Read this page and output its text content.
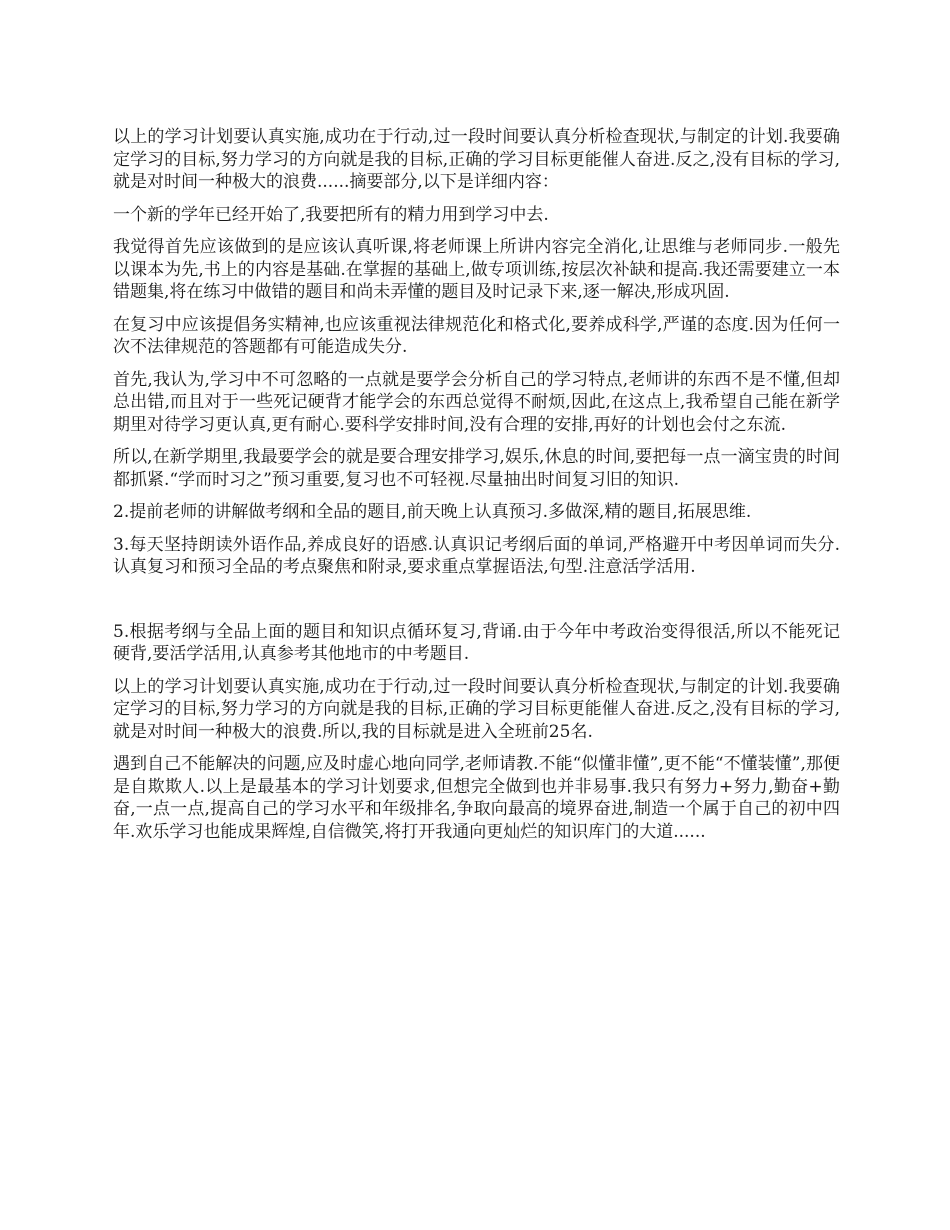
以上的学习计划要认真实施,成功在于行动,过一段时间要认真分析检查现状,与制定的计划.我要确定学习的目标,努力学习的方向就是我的目标,正确的学习目标更能催人奋进.反之,没有目标的学习,就是对时间一种极大的浪费......摘要部分,以下是详细内容：

一个新的学年已经开始了,我要把所有的精力用到学习中去.

我觉得首先应该做到的是应该认真听课,将老师课上所讲内容完全消化,让思维与老师同步.一般先以课本为先,书上的内容是基础.在掌握的基础上,做专项训练,按层次补缺和提高.我还需要建立一本错题集,将在练习中做错的题目和尚未弄懂的题目及时记录下来,逐一解决,形成巩固.

在复习中应该提倡务实精神,也应该重视法律规范化和格式化,要养成科学,严谨的态度.因为任何一次不法律规范的答题都有可能造成失分.

首先,我认为,学习中不可忽略的一点就是要学会分析自己的学习特点,老师讲的东西不是不懂,但却总出错,而且对于一些死记硬背才能学会的东西总觉得不耐烦,因此,在这点上,我希望自己能在新学期里对待学习更认真,更有耐心.要科学安排时间,没有合理的安排,再好的计划也会付之东流.

所以,在新学期里,我最要学会的就是要合理安排学习,娱乐,休息的时间,要把每一点一滴宝贵的时间都抓紧.“学而时习之”预习重要,复习也不可轻视.尽量抽出时间复习旧的知识.

2.提前老师的讲解做考纲和全品的题目,前天晚上认真预习.多做深,精的题目,拓展思维.

3.每天坚持朗读外语作品,养成良好的语感.认真识记考纲后面的单词,严格避开中考因单词而失分.认真复习和预习全品的考点聚焦和附录,要求重点掌握语法,句型.注意活学活用.

5.根据考纲与全品上面的题目和知识点循环复习,背诵.由于今年中考政治变得很活,所以不能死记硬背,要活学活用,认真参考其他地市的中考题目.

以上的学习计划要认真实施,成功在于行动,过一段时间要认真分析检查现状,与制定的计划.我要确定学习的目标,努力学习的方向就是我的目标,正确的学习目标更能催人奋进.反之,没有目标的学习,就是对时间一种极大的浪费.所以,我的目标就是进入全班前25名.

遇到自己不能解决的问题,应及时虚心地向同学,老师请教.不能“似懂非懂”,更不能“不懂装懂”,那便是自欺欺人.以上是最基本的学习计划要求,但想完全做到也并非易事.我只有努力+努力,勤奋+勤奋,一点一点,提高自己的学习水平和年级排名,争取向最高的境界奋进,制造一个属于自己的初中四年.欢乐学习也能成果辉煌,自信微笑,将打开我通向更灿烂的知识库门的大道......
